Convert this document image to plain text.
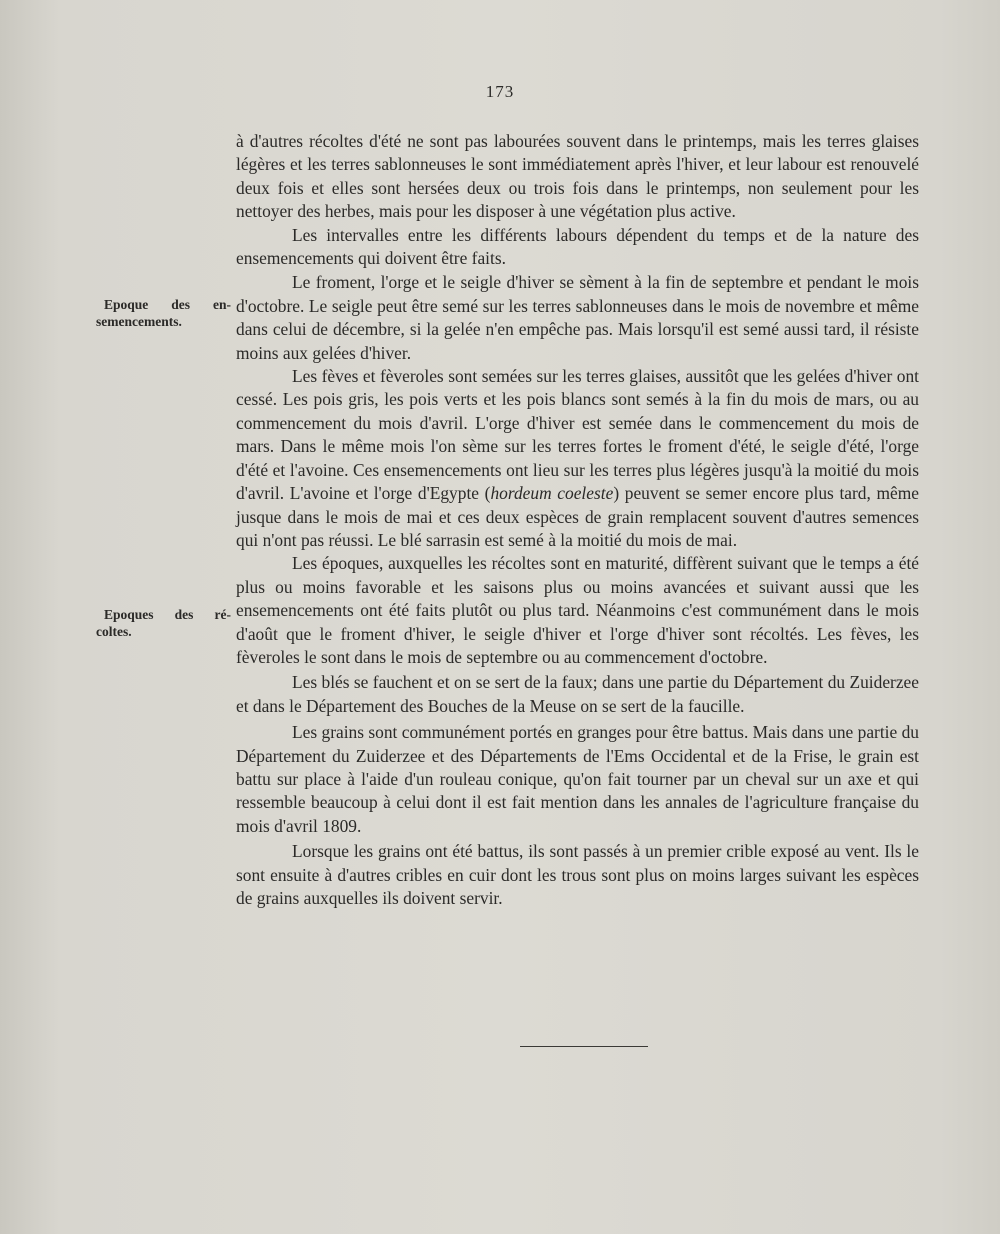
173
Epoque des en-
semencements.
Epoques des ré-
coltes.

à d'autres récoltes d'été ne sont pas labourées souvent dans le printemps, mais les terres glaises légères et les terres sablonneuses le sont immédiatement après l'hiver, et leur labour est renouvelé deux fois et elles sont hersées deux ou trois fois dans le printemps, non seulement pour les nettoyer des herbes, mais pour les disposer à une végétation plus active.

Les intervalles entre les différents labours dépendent du temps et de la nature des ensemencements qui doivent être faits.

Le froment, l'orge et le seigle d'hiver se sèment à la fin de septembre et pendant le mois d'octobre. Le seigle peut être semé sur les terres sablonneuses dans le mois de novembre et même dans celui de décembre, si la gelée n'en empêche pas. Mais lorsqu'il est semé aussi tard, il résiste moins aux gelées d'hiver.

Les fèves et fèveroles sont semées sur les terres glaises, aussitôt que les gelées d'hiver ont cessé. Les pois gris, les pois verts et les pois blancs sont semés à la fin du mois de mars, ou au commencement du mois d'avril. L'orge d'hiver est semée dans le commencement du mois de mars. Dans le même mois l'on sème sur les terres fortes le froment d'été, le seigle d'été, l'orge d'été et l'avoine. Ces ensemencements ont lieu sur les terres plus légères jusqu'à la moitié du mois d'avril. L'avoine et l'orge d'Egypte (hordeum coeleste) peuvent se semer encore plus tard, même jusque dans le mois de mai et ces deux espèces de grain remplacent souvent d'autres semences qui n'ont pas réussi. Le blé sarrasin est semé à la moitié du mois de mai.

Les époques, auxquelles les récoltes sont en maturité, diffèrent suivant que le temps a été plus ou moins favorable et les saisons plus ou moins avancées et suivant aussi que les ensemencements ont été faits plutôt ou plus tard. Néanmoins c'est communément dans le mois d'août que le froment d'hiver, le seigle d'hiver et l'orge d'hiver sont récoltés. Les fèves, les fèveroles le sont dans le mois de septembre ou au commencement d'octobre.

Les blés se fauchent et on se sert de la faux; dans une partie du Département du Zuiderzee et dans le Département des Bouches de la Meuse on se sert de la faucille.

Les grains sont communément portés en granges pour être battus. Mais dans une partie du Département du Zuiderzee et des Départements de l'Ems Occidental et de la Frise, le grain est battu sur place à l'aide d'un rouleau conique, qu'on fait tourner par un cheval sur un axe et qui ressemble beaucoup à celui dont il est fait mention dans les annales de l'agriculture française du mois d'avril 1809.

Lorsque les grains ont été battus, ils sont passés à un premier crible exposé au vent. Ils le sont ensuite à d'autres cribles en cuir dont les trous sont plus on moins larges suivant les espèces de grains auxquelles ils doivent servir.
